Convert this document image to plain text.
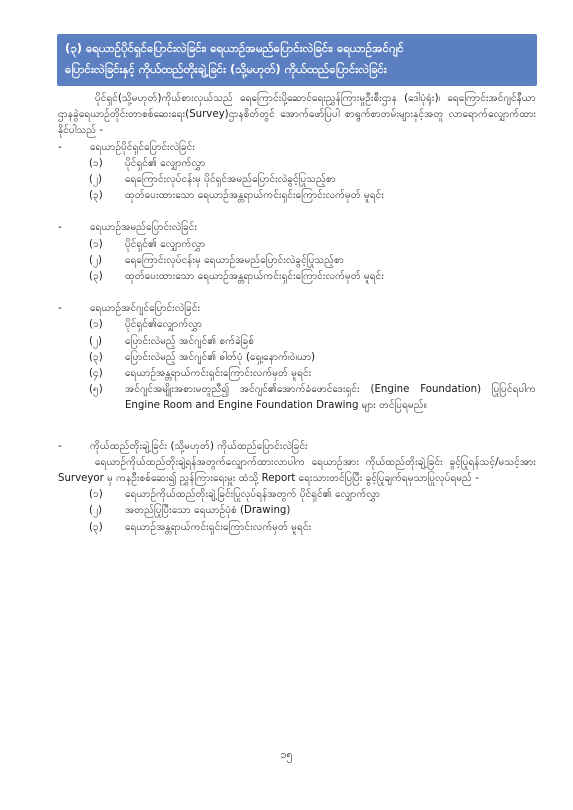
(၃) ရေယာဉ်ပိုင်ရှင်ပြောင်းလဲခြင်း၊ ရေယာဉ်အမည်ပြောင်းလဲခြင်း၊ ရေယာဉ်အင်ဂျင်
ပြောင်းလဲခြင်းနှင့် ကိုယ်ထည်တိုးချဲ့ခြင်း (သို့မဟုတ်) ကိုယ်ထည်ပြောင်းလဲခြင်း
ပိုင်ရှင်(သို့မဟုတ်)ကိုယ်စားလှယ်သည် ရေကြောင်းပို့ဆောင်ရေးညွှန်ကြားမှုဦးစီးဌာန (ဒေါပုံရုံး)၊ ရေကြောင်းအင်ဂျင်နီယာဌာနခွဲရေယာဉ်တိုင်းတာစစ်ဆေးရေး(Survey)ဌာနစိတ်တွင် အောက်ဖော်ပြပါ စာရွက်စာတမ်းများနှင့်အတူ လာရောက်လျှောက်ထားနိုင်ပါသည် -
-	ရေယာဉ်ပိုင်ရှင်ပြောင်းလဲခြင်း
(၁)	ပိုင်ရှင်၏ လျှောက်လွှာ
(၂)	ရေကြောင်းလုပ်ငန်းမှ ပိုင်ရှင်အမည်ပြောင်းလဲခွင့်ပြုသည့်စာ
(၃)	ထုတ်ပေးထားသော ရေယာဉ်အန္တရာယ်ကင်းရှင်းကြောင်းလက်မှတ် မူရင်း
-	ရေယာဉ်အမည်ပြောင်းလဲခြင်း
(၁)	ပိုင်ရှင်၏ လျှောက်လွှာ
(၂)	ရေကြောင်းလုပ်ငန်းမှ ရေယာဉ်အမည်ပြောင်းလဲခွင့်ပြုသည့်စာ
(၃)	ထုတ်ပေးထားသော ရေယာဉ်အန္တရာယ်ကင်းရှင်းကြောင်းလက်မှတ် မူရင်း
-	ရေယာဉ်အင်ဂျင်ပြောင်းလဲခြင်း
(၁)	ပိုင်ရှင်၏လျှောက်လွှာ
(၂)	ပြောင်းလဲမည့် အင်ဂျင်၏ စက်ခဲခြစ်
(၃)	ပြောင်းလဲမည့် အင်ဂျင်၏ ဓါတ်ပုံ (ရှေ့၊နောက်၊ဝဲ၊ယာ)
(၄)	ရေယာဉ်အန္တရာယ်ကင်းရှင်းကြောင်းလက်မှတ် မူရင်း
(၅)	အင်ဂျင်အမျိုးအစားမတူညီ၍ အင်ဂျင်၏အောက်ခံဖောင်ဒေးရှင်း (Engine Foundation) ပြုပြင်ရပါက Engine Room and Engine Foundation Drawing များ တင်ပြရမည်။
-	ကိုယ်ထည်တိုးချဲ့ခြင်း (သို့မဟုတ်) ကိုယ်ထည်ပြောင်းလဲခြင်း
ရေယာဉ်ကိုယ်ထည်တိုးချဲ့ရန်အတွက်လျှောက်ထားလာပါက ရေယာဉ်အား ကိုယ်ထည်တိုးချဲ့ခြင်း ခွင့်ပြုရန်သင့်/မသင့်အား Surveyor မှ ကနဦးစစ်ဆေး၍ ညွှန်ကြားရေးမှူး ထံသို့ Report ရေးသားတင်ပြပြီး ခွင့်ပြုချက်ရမှသာပြုလုပ်ရမည် -
(၁)	ရေယာဉ်ကိုယ်ထည်တိုးချဲ့ခြင်းပြုလုပ်ရန်အတွက် ပိုင်ရှင်၏ လျှောက်လွှာ
(၂)	အတည်ပြုပြီးသော ရေယာဉ်ပုံစံ (Drawing)
(၃)	ရေယာဉ်အန္တရာယ်ကင်းရှင်းကြောင်းလက်မှတ် မူရင်း
၁၅
